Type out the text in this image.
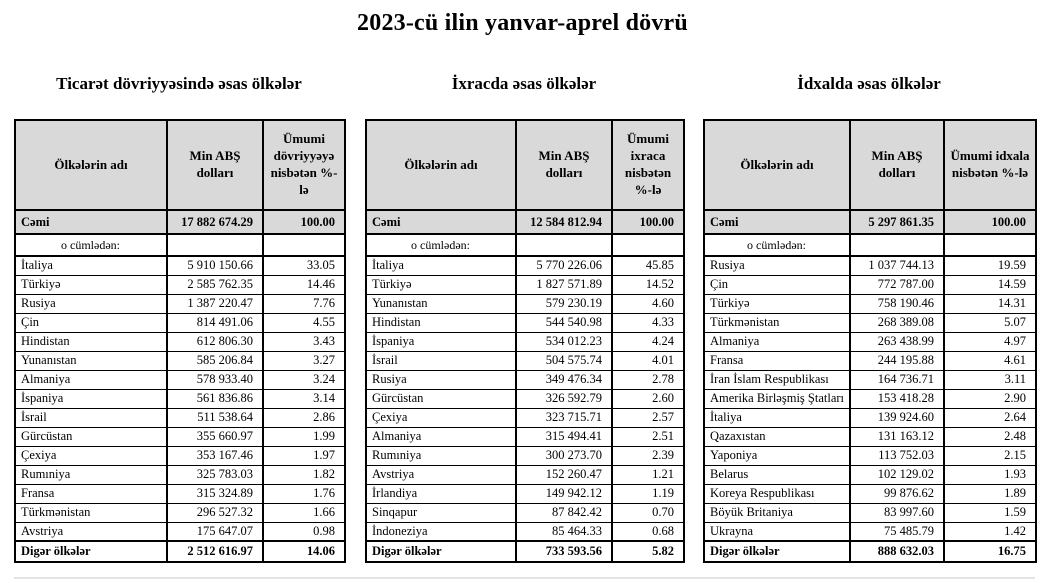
2023-cü ilin yanvar-aprel dövrü
Ticarət dövriyyəsində əsas ölkələr
Ölkələrin adı	Min ABŞ dolları	Ümumi dövriyyəyə nisbətən %-lə
Cəmi	17 882 674.29	100.00
o cümlədən:		
İtaliya	5 910 150.66	33.05
Türkiyə	2 585 762.35	14.46
Rusiya	1 387 220.47	7.76
Çin	814 491.06	4.55
Hindistan	612 806.30	3.43
Yunanıstan	585 206.84	3.27
Almaniya	578 933.40	3.24
İspaniya	561 836.86	3.14
İsrail	511 538.64	2.86
Gürcüstan	355 660.97	1.99
Çexiya	353 167.46	1.97
Rumıniya	325 783.03	1.82
Fransa	315 324.89	1.76
Türkmənistan	296 527.32	1.66
Avstriya	175 647.07	0.98
Digər ölkələr	2 512 616.97	14.06
İxracda əsas ölkələr
Ölkələrin adı	Min ABŞ dolları	Ümumi ixraca nisbətən %-lə
Cəmi	12 584 812.94	100.00
o cümlədən:		
İtaliya	5 770 226.06	45.85
Türkiyə	1 827 571.89	14.52
Yunanıstan	579 230.19	4.60
Hindistan	544 540.98	4.33
İspaniya	534 012.23	4.24
İsrail	504 575.74	4.01
Rusiya	349 476.34	2.78
Gürcüstan	326 592.79	2.60
Çexiya	323 715.71	2.57
Almaniya	315 494.41	2.51
Rumıniya	300 273.70	2.39
Avstriya	152 260.47	1.21
İrlandiya	149 942.12	1.19
Sinqapur	87 842.42	0.70
İndoneziya	85 464.33	0.68
Digər ölkələr	733 593.56	5.82
İdxalda əsas ölkələr
Ölkələrin adı	Min ABŞ dolları	Ümumi idxala nisbətən %-lə
Cəmi	5 297 861.35	100.00
o cümlədən:		
Rusiya	1 037 744.13	19.59
Çin	772 787.00	14.59
Türkiyə	758 190.46	14.31
Türkmənistan	268 389.08	5.07
Almaniya	263 438.99	4.97
Fransa	244 195.88	4.61
İran İslam Respublikası	164 736.71	3.11
Amerika Birləşmiş Ştatları	153 418.28	2.90
İtaliya	139 924.60	2.64
Qazaxıstan	131 163.12	2.48
Yaponiya	113 752.03	2.15
Belarus	102 129.02	1.93
Koreya Respublikası	99 876.62	1.89
Böyük Britaniya	83 997.60	1.59
Ukrayna	75 485.79	1.42
Digər ölkələr	888 632.03	16.75
